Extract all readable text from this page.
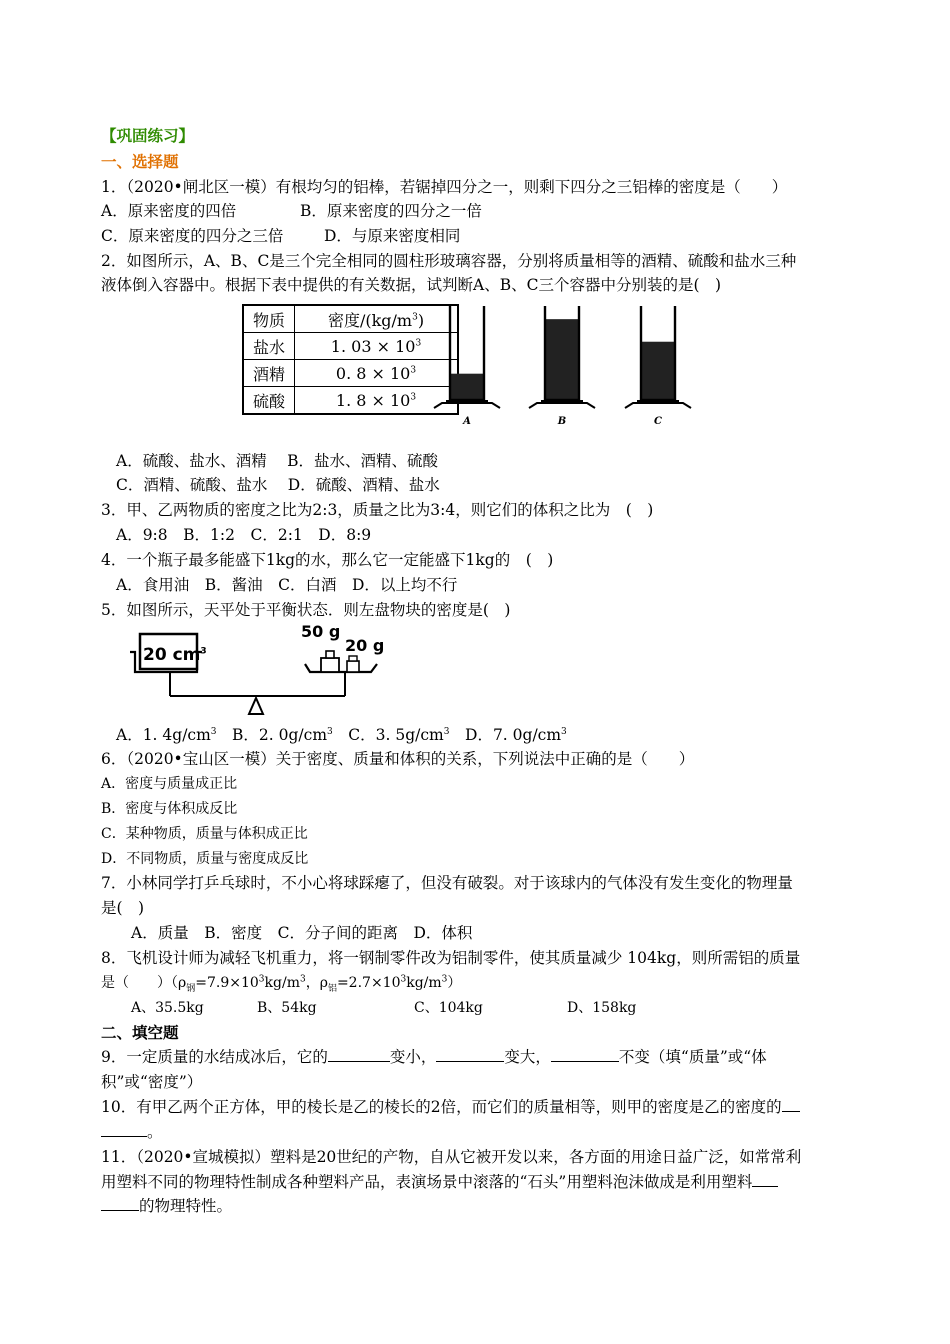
【巩固练习】
一、选择题
1．（2020•闸北区一模）有根均匀的铝棒，若锯掉四分之一，则剩下四分之三铝棒的密度是（　　）
A．原来密度的四倍	B．原来密度的四分之一倍
C．原来密度的四分之三倍	D．与原来密度相同
2．如图所示，A、B、C是三个完全相同的圆柱形玻璃容器，分别将质量相等的酒精、硫酸和盐水三种
液体倒入容器中。根据下表中提供的有关数据，试判断A、B、C三个容器中分别装的是(　)
物质	密度$/(kg/m^3)$
盐水	1. $03 \times 10^3$
酒精	0. $8 \times 10^3$
硫酸	1. $8 \times 10^3$
A	B	C
A．硫酸、盐水、酒精　 B．盐水、酒精、硫酸
C．酒精、硫酸、盐水　 D．硫酸、酒精、盐水
3．甲、乙两物质的密度之比为2:3，质量之比为3:4，则它们的体积之比为　(　)
A．9:8　B．1:2　C．2:1　D．8:9
4．一个瓶子最多能盛下1kg的水，那么它一定能盛下1kg的　(　)
A．食用油　B．酱油　C．白酒　D．以上均不行
5．如图所示，天平处于平衡状态．则左盘物块的密度是(　)
20 $cm^3$
50 g
20 g
A．1. $4g/cm^3$　 B．2. $0g/cm^3$　 C．3. $5g/cm^3$　 D．7. $0g/cm^3$
6．（2020•宝山区一模）关于密度、质量和体积的关系，下列说法中正确的是（　　）
A．密度与质量成正比
B．密度与体积成反比
C．某种物质，质量与体积成正比
D．不同物质，质量与密度成反比
7．小林同学打乒乓球时，不小心将球踩瘪了，但没有破裂。对于该球内的气体没有发生变化的物理量
是(　)
A．质量　B．密度　C．分子间的距离　D．体积
8．飞机设计师为减轻飞机重力，将一钢制零件改为铝制零件，使其质量减少 104kg，则所需铝的质量
是（　　）（$\rho_钢=7.9\times 10^3kg/m^3$，$\rho_铝=2.7\times 10^3kg/m^3$）
A、35.5kg	B、54kg	C、104kg	D、158kg
二、填空题
9．一定质量的水结成冰后，它的	变小，	变大，	不变（填“质量”或“体
积”或“密度”）
10．有甲乙两个正方体，甲的棱长是乙的棱长的2倍，而它们的质量相等，则甲的密度是乙的密度的
。
11．（2020•宣城模拟）塑料是20世纪的产物，自从它被开发以来，各方面的用途日益广泛，如常常利
用塑料不同的物理特性制成各种塑料产品，表演场景中滚落的“石头”用塑料泡沫做成是利用塑料
的物理特性。
